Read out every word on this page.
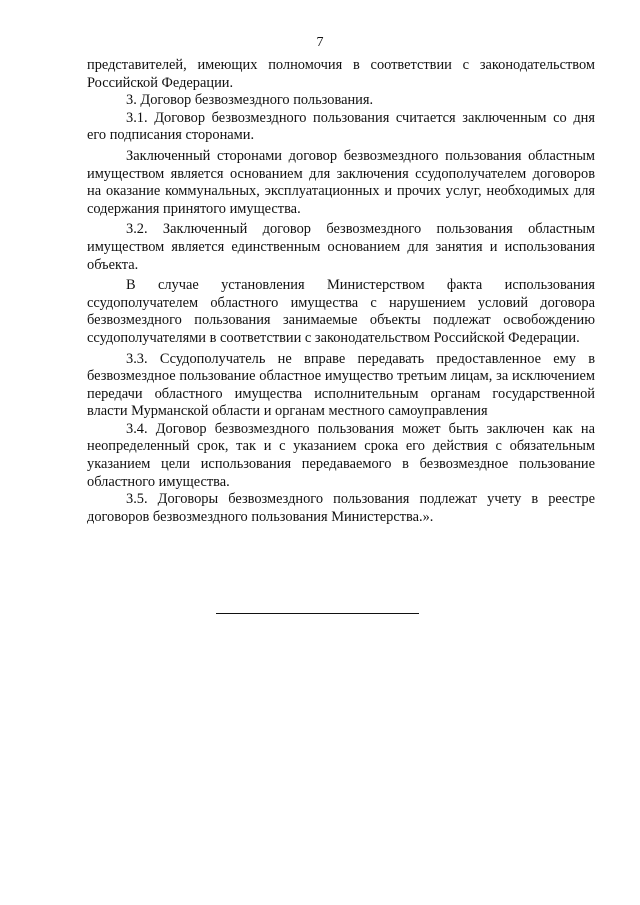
7

представителей, имеющих полномочия в соответствии с законодательством Российской Федерации.

3. Договор безвозмездного пользования.

3.1. Договор безвозмездного пользования считается заключенным со дня его подписания сторонами.

Заключенный сторонами договор безвозмездного пользования областным имуществом является основанием для заключения ссудополучателем договоров на оказание коммунальных, эксплуатационных и прочих услуг, необходимых для содержания принятого имущества.

3.2. Заключенный договор безвозмездного пользования областным имуществом является единственным основанием для занятия и использования объекта.

В случае установления Министерством факта использования ссудополучателем областного имущества с нарушением условий договора безвозмездного пользования занимаемые объекты подлежат освобождению ссудополучателями в соответствии с законодательством Российской Федерации.

3.3. Ссудополучатель не вправе передавать предоставленное ему в безвозмездное пользование областное имущество третьим лицам, за исключением передачи областного имущества исполнительным органам государственной власти Мурманской области и органам местного самоуправления

3.4. Договор безвозмездного пользования может быть заключен как на неопределенный срок, так и с указанием срока его действия с обязательным указанием цели использования передаваемого в безвозмездное пользование областного имущества.

3.5. Договоры безвозмездного пользования подлежат учету в реестре договоров безвозмездного пользования Министерства.».
